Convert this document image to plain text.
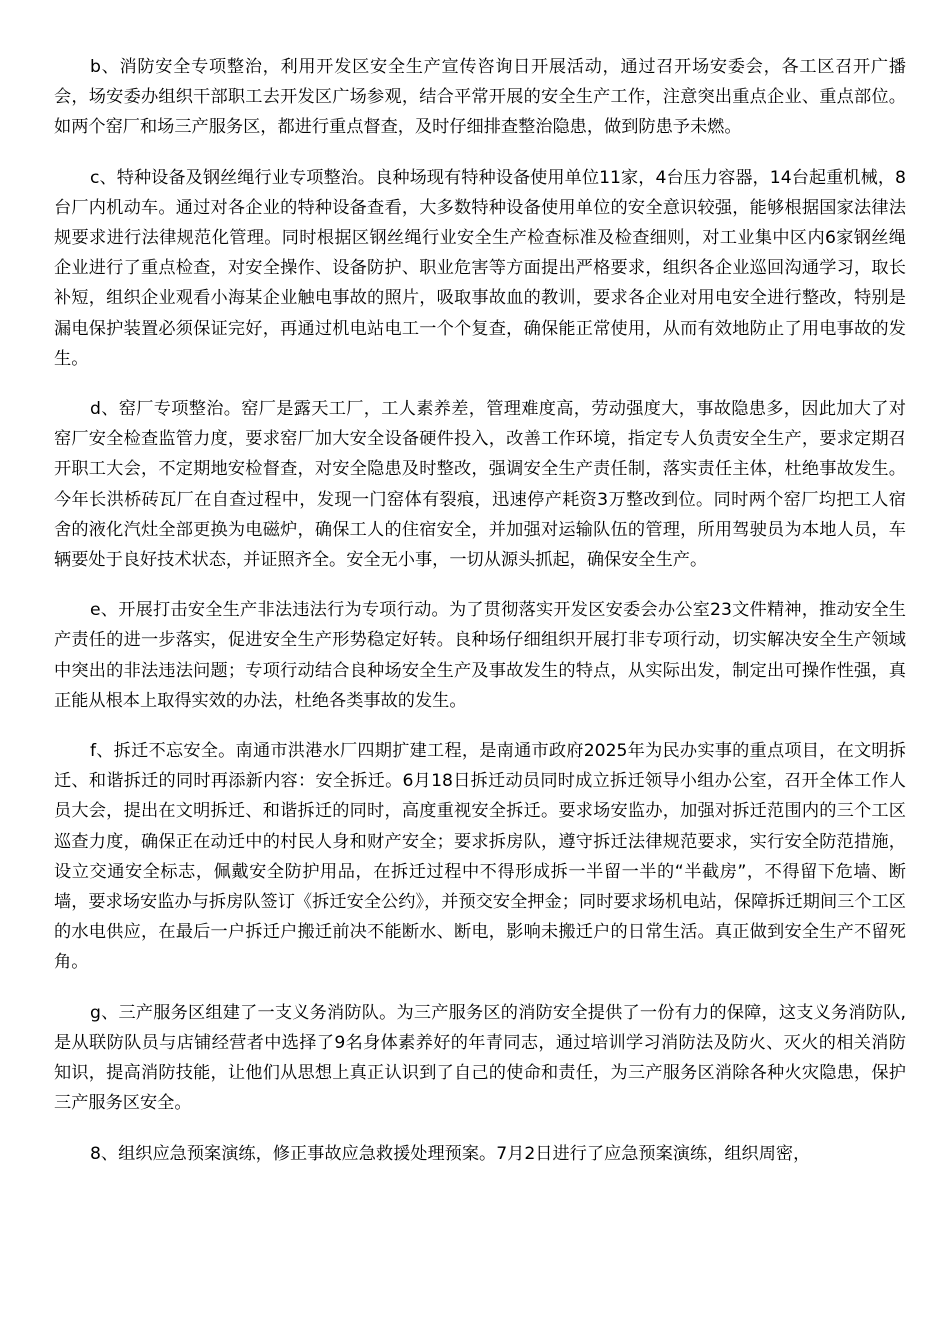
b、消防安全专项整治，利用开发区安全生产宣传咨询日开展活动，通过召开场安委会，各工区召开广播会，场安委办组织干部职工去开发区广场参观，结合平常开展的安全生产工作，注意突出重点企业、重点部位。如两个窑厂和场三产服务区，都进行重点督查，及时仔细排查整治隐患，做到防患予未燃。

c、特种设备及钢丝绳行业专项整治。良种场现有特种设备使用单位11家，4台压力容器，14台起重机械，8台厂内机动车。通过对各企业的特种设备查看，大多数特种设备使用单位的安全意识较强，能够根据国家法律法规要求进行法律规范化管理。同时根据区钢丝绳行业安全生产检查标准及检查细则，对工业集中区内6家钢丝绳企业进行了重点检查，对安全操作、设备防护、职业危害等方面提出严格要求，组织各企业巡回沟通学习，取长补短，组织企业观看小海某企业触电事故的照片，吸取事故血的教训，要求各企业对用电安全进行整改，特别是漏电保护装置必须保证完好，再通过机电站电工一个个复查，确保能正常使用，从而有效地防止了用电事故的发生。

d、窑厂专项整治。窑厂是露天工厂，工人素养差，管理难度高，劳动强度大，事故隐患多，因此加大了对窑厂安全检查监管力度，要求窑厂加大安全设备硬件投入，改善工作环境，指定专人负责安全生产，要求定期召开职工大会，不定期地安检督查，对安全隐患及时整改，强调安全生产责任制，落实责任主体，杜绝事故发生。今年长洪桥砖瓦厂在自查过程中，发现一门窑体有裂痕，迅速停产耗资3万整改到位。同时两个窑厂均把工人宿舍的液化汽灶全部更换为电磁炉，确保工人的住宿安全，并加强对运输队伍的管理，所用驾驶员为本地人员，车辆要处于良好技术状态，并证照齐全。安全无小事，一切从源头抓起，确保安全生产。

e、开展打击安全生产非法违法行为专项行动。为了贯彻落实开发区安委会办公室23文件精神，推动安全生产责任的进一步落实，促进安全生产形势稳定好转。良种场仔细组织开展打非专项行动，切实解决安全生产领域中突出的非法违法问题；专项行动结合良种场安全生产及事故发生的特点，从实际出发，制定出可操作性强，真正能从根本上取得实效的办法，杜绝各类事故的发生。

f、拆迁不忘安全。南通市洪港水厂四期扩建工程，是南通市政府2025年为民办实事的重点项目，在文明拆迁、和谐拆迁的同时再添新内容：安全拆迁。6月18日拆迁动员同时成立拆迁领导小组办公室，召开全体工作人员大会，提出在文明拆迁、和谐拆迁的同时，高度重视安全拆迁。要求场安监办，加强对拆迁范围内的三个工区巡查力度，确保正在动迁中的村民人身和财产安全；要求拆房队，遵守拆迁法律规范要求，实行安全防范措施，设立交通安全标志，佩戴安全防护用品，在拆迁过程中不得形成拆一半留一半的“半截房”，不得留下危墙、断墙，要求场安监办与拆房队签订《拆迁安全公约》，并预交安全押金；同时要求场机电站，保障拆迁期间三个工区的水电供应，在最后一户拆迁户搬迁前决不能断水、断电，影响未搬迁户的日常生活。真正做到安全生产不留死角。

g、三产服务区组建了一支义务消防队。为三产服务区的消防安全提供了一份有力的保障，这支义务消防队,是从联防队员与店铺经营者中选择了9名身体素养好的年青同志，通过培训学习消防法及防火、灭火的相关消防知识，提高消防技能，让他们从思想上真正认识到了自己的使命和责任，为三产服务区消除各种火灾隐患，保护三产服务区安全。

8、组织应急预案演练，修正事故应急救援处理预案。7月2日进行了应急预案演练，组织周密，
